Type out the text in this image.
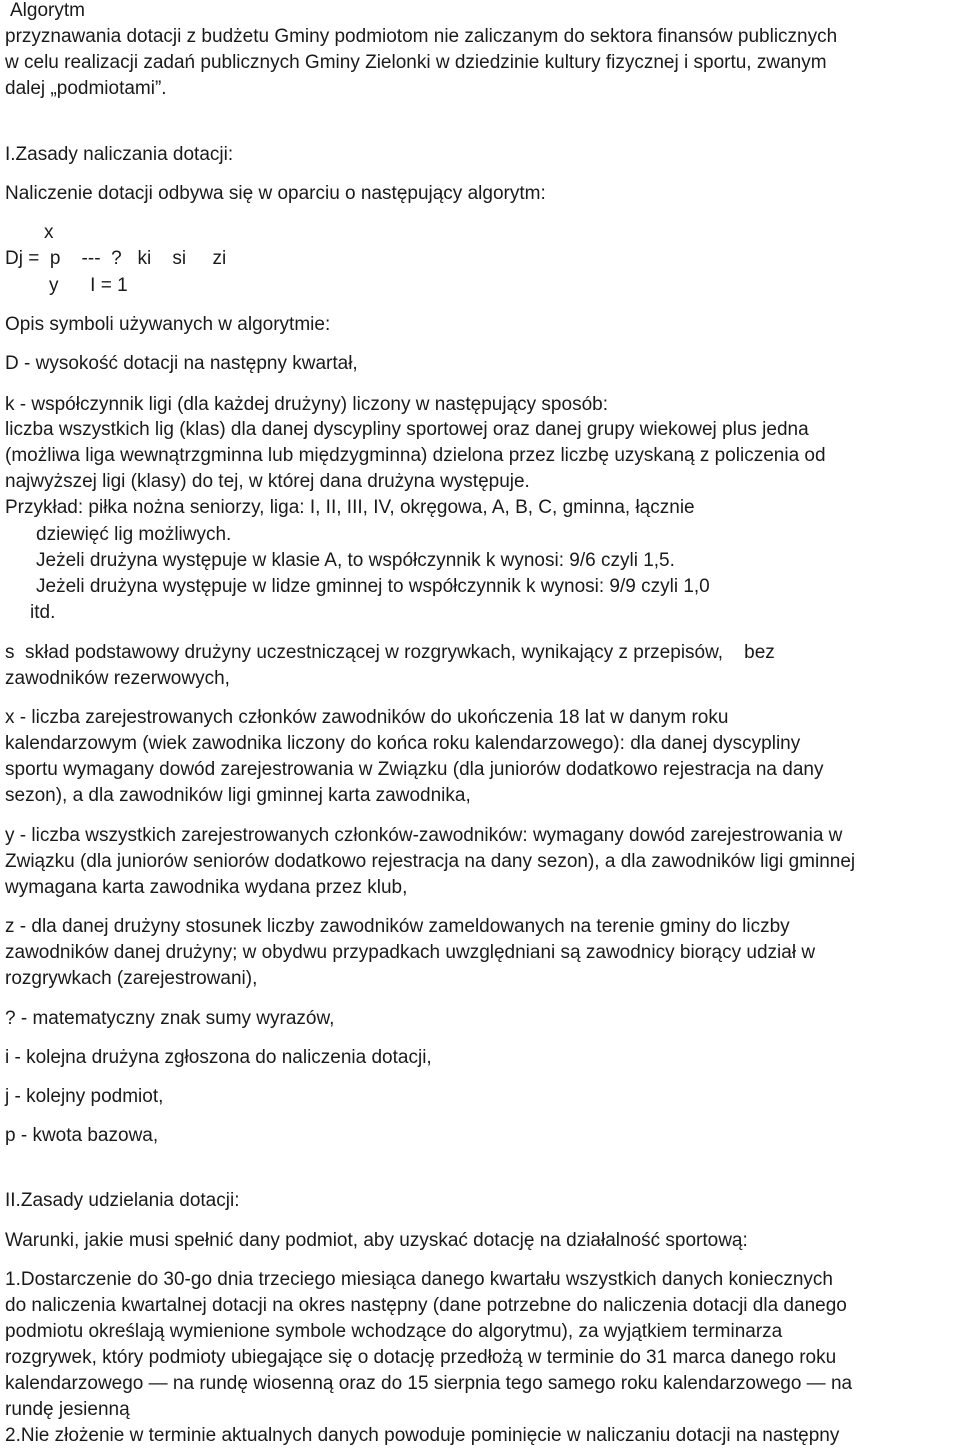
Algorytm
przyznawania dotacji z budżetu Gminy podmiotom nie zaliczanym do sektora finansów publicznych
w celu realizacji zadań publicznych Gminy Zielonki w dziedzinie kultury fizycznej i sportu, zwanym
dalej „podmiotami”.
I.Zasady naliczania dotacji:
Naliczenie dotacji odbywa się w oparciu o następujący algorytm:
x
Dj =  p    ---  ?   ki    si     zi
y      I = 1
Opis symboli używanych w algorytmie:
D - wysokość dotacji na następny kwartał,
k - współczynnik ligi (dla każdej drużyny) liczony w następujący sposób:
liczba wszystkich lig (klas) dla danej dyscypliny sportowej oraz danej grupy wiekowej plus jedna
(możliwa liga wewnątrzgminna lub międzygminna) dzielona przez liczbę uzyskaną z policzenia od
najwyższej ligi (klasy) do tej, w której dana drużyna występuje.
Przykład: piłka nożna seniorzy, liga: I, II, III, IV, okręgowa, A, B, C, gminna, łącznie
dziewięć lig możliwych.
Jeżeli drużyna występuje w klasie A, to współczynnik k wynosi: 9/6 czyli 1,5.
Jeżeli drużyna występuje w lidze gminnej to współczynnik k wynosi: 9/9 czyli 1,0
itd.
s  skład podstawowy drużyny uczestniczącej w rozgrywkach, wynikający z przepisów,    bez
zawodników rezerwowych,
x - liczba zarejestrowanych członków zawodników do ukończenia 18 lat w danym roku
kalendarzowym (wiek zawodnika liczony do końca roku kalendarzowego): dla danej dyscypliny
sportu wymagany dowód zarejestrowania w Związku (dla juniorów dodatkowo rejestracja na dany
sezon), a dla zawodników ligi gminnej karta zawodnika,
y - liczba wszystkich zarejestrowanych członków-zawodników: wymagany dowód zarejestrowania w
Związku (dla juniorów seniorów dodatkowo rejestracja na dany sezon), a dla zawodników ligi gminnej
wymagana karta zawodnika wydana przez klub,
z - dla danej drużyny stosunek liczby zawodników zameldowanych na terenie gminy do liczby
zawodników danej drużyny; w obydwu przypadkach uwzględniani są zawodnicy biorący udział w
rozgrywkach (zarejestrowani),
? - matematyczny znak sumy wyrazów,
i - kolejna drużyna zgłoszona do naliczenia dotacji,
j - kolejny podmiot,
p - kwota bazowa,
II.Zasady udzielania dotacji:
Warunki, jakie musi spełnić dany podmiot, aby uzyskać dotację na działalność sportową:
1.Dostarczenie do 30-go dnia trzeciego miesiąca danego kwartału wszystkich danych koniecznych
do naliczenia kwartalnej dotacji na okres następny (dane potrzebne do naliczenia dotacji dla danego
podmiotu określają wymienione symbole wchodzące do algorytmu), za wyjątkiem terminarza
rozgrywek, który podmioty ubiegające się o dotację przedłożą w terminie do 31 marca danego roku
kalendarzowego — na rundę wiosenną oraz do 15 sierpnia tego samego roku kalendarzowego — na
rundę jesienną
2.Nie złożenie w terminie aktualnych danych powoduje pominięcie w naliczaniu dotacji na następny
